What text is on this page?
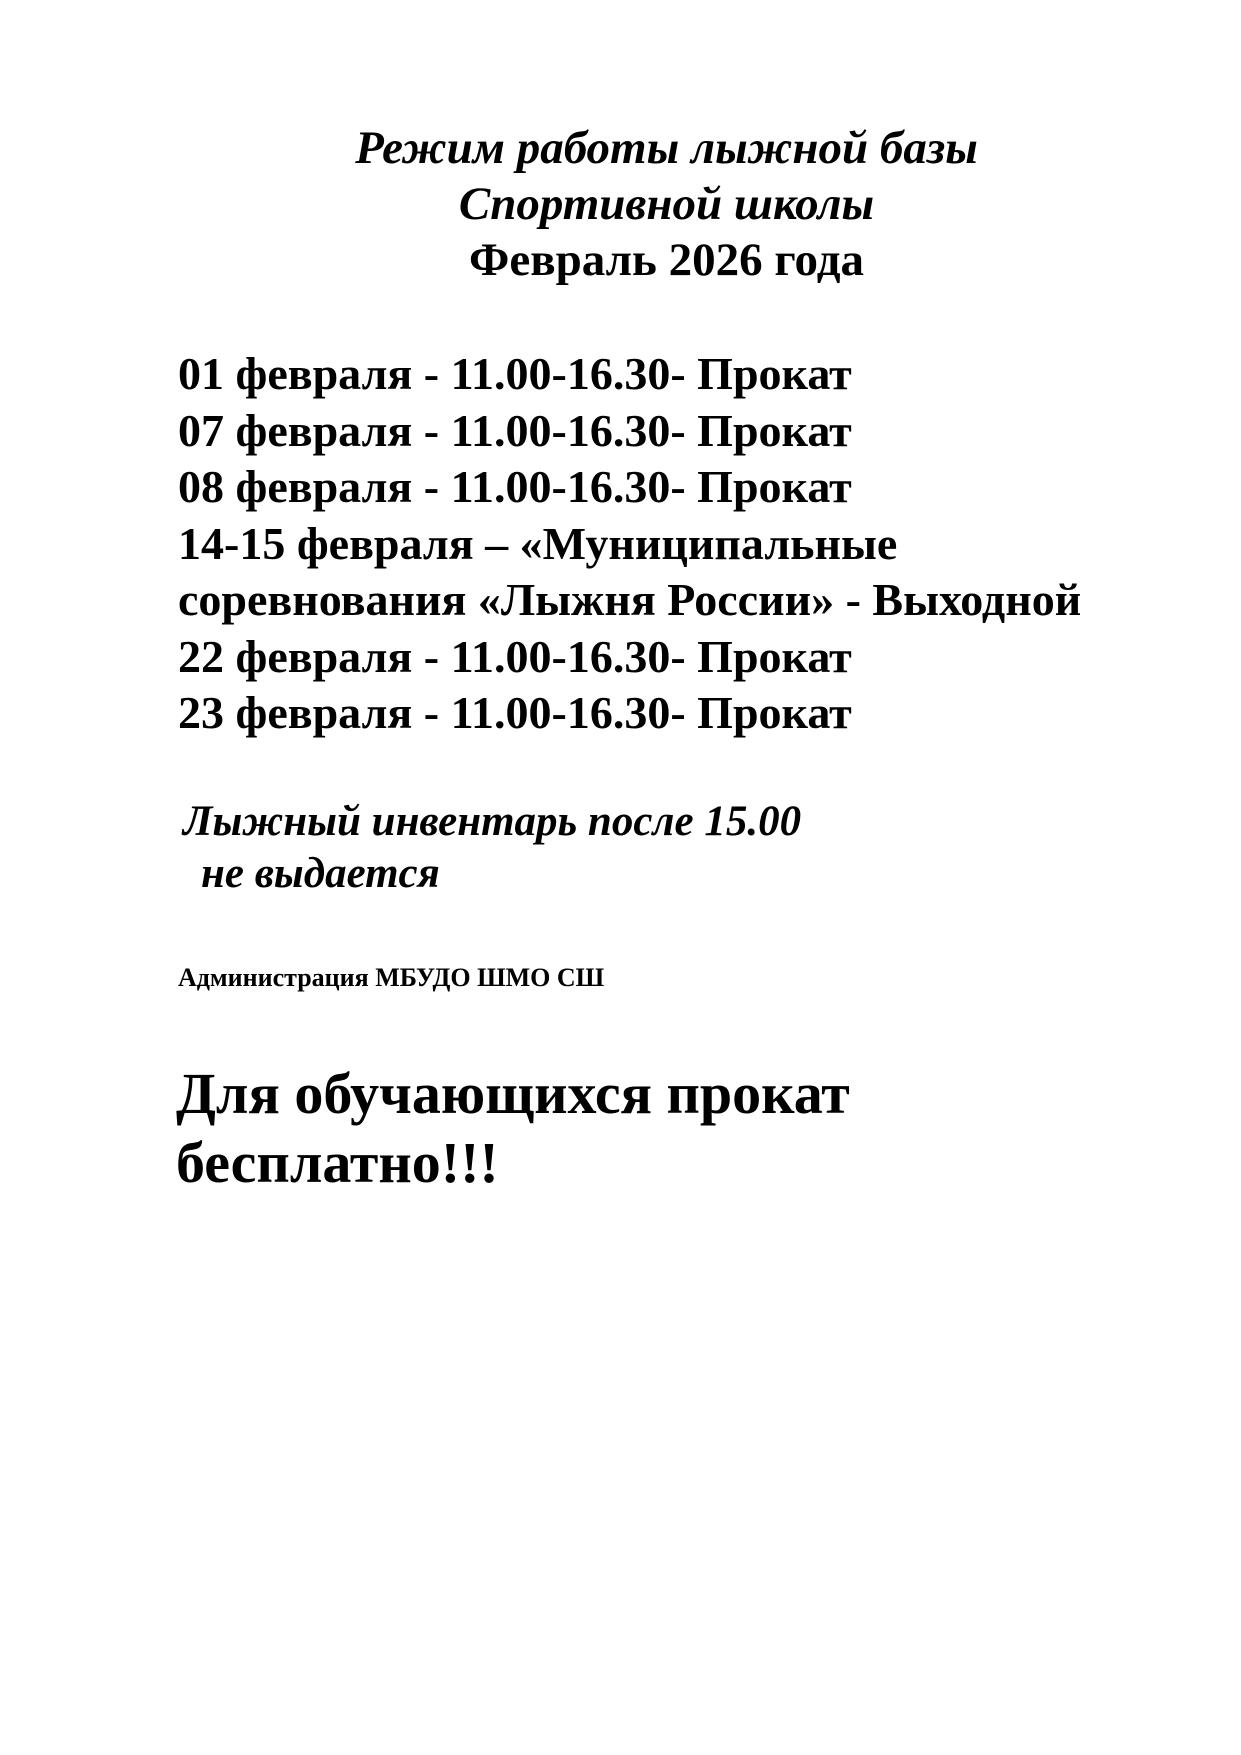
Режим работы лыжной базы
Спортивной школы
Февраль 2026 года
01 февраля - 11.00-16.30- Прокат
07 февраля - 11.00-16.30- Прокат
08 февраля - 11.00-16.30- Прокат
14-15 февраля – «Муниципальные
соревнования «Лыжня России» - Выходной
22 февраля - 11.00-16.30- Прокат
23 февраля - 11.00-16.30- Прокат
Лыжный инвентарь после 15.00
не выдается
Администрация МБУДО ШМО СШ
Для обучающихся прокат
бесплатно!!!
